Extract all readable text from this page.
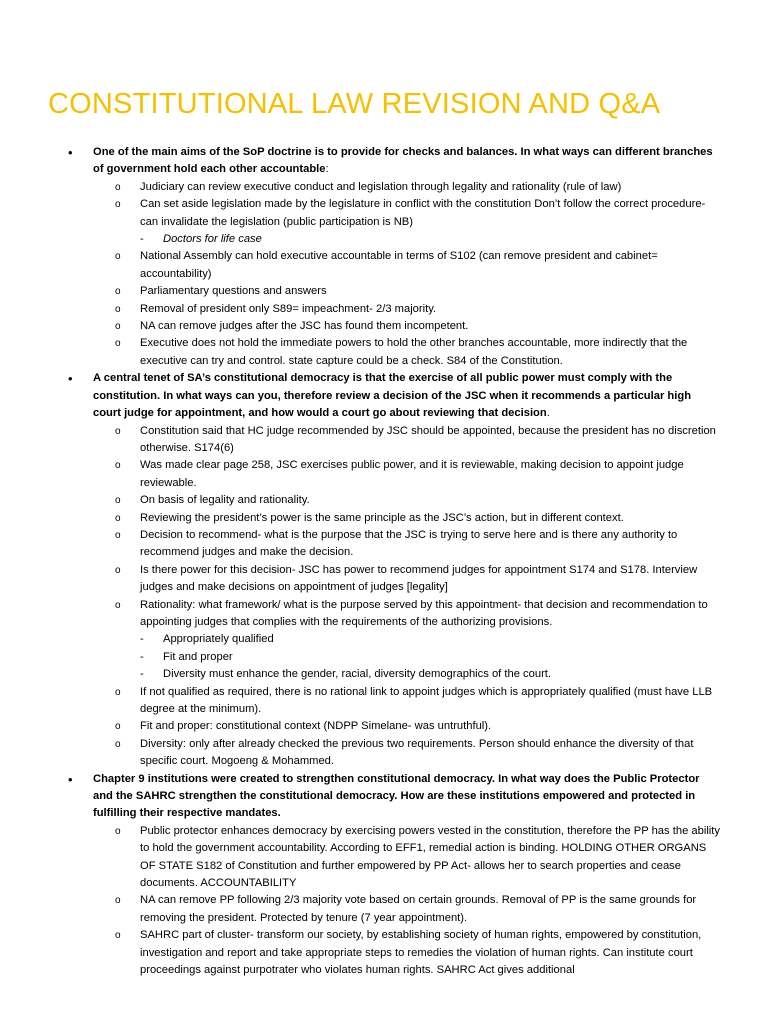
CONSTITUTIONAL LAW REVISION AND Q&A
• One of the main aims of the SoP doctrine is to provide for checks and balances. In what ways can different branches of government hold each other accountable:
o Judiciary can review executive conduct and legislation through legality and rationality (rule of law)
o Can set aside legislation made by the legislature in conflict with the constitution Don’t follow the correct procedure- can invalidate the legislation (public participation is NB)
- Doctors for life case
o National Assembly can hold executive accountable in terms of S102 (can remove president and cabinet= accountability)
o Parliamentary questions and answers
o Removal of president only S89= impeachment- 2/3 majority.
o NA can remove judges after the JSC has found them incompetent.
o Executive does not hold the immediate powers to hold the other branches accountable, more indirectly that the executive can try and control. state capture could be a check. S84 of the Constitution.
• A central tenet of SA’s constitutional democracy is that the exercise of all public power must comply with the constitution. In what ways can you, therefore review a decision of the JSC when it recommends a particular high court judge for appointment, and how would a court go about reviewing that decision.
o Constitution said that HC judge recommended by JSC should be appointed, because the president has no discretion otherwise. S174(6)
o Was made clear page 258, JSC exercises public power, and it is reviewable, making decision to appoint judge reviewable.
o On basis of legality and rationality.
o Reviewing the president’s power is the same principle as the JSC’s action, but in different context.
o Decision to recommend- what is the purpose that the JSC is trying to serve here and is there any authority to recommend judges and make the decision.
o Is there power for this decision- JSC has power to recommend judges for appointment S174 and S178. Interview judges and make decisions on appointment of judges [legality]
o Rationality: what framework/ what is the purpose served by this appointment- that decision and recommendation to appointing judges that complies with the requirements of the authorizing provisions.
- Appropriately qualified
- Fit and proper
- Diversity must enhance the gender, racial, diversity demographics of the court.
o If not qualified as required, there is no rational link to appoint judges which is appropriately qualified (must have LLB degree at the minimum).
o Fit and proper: constitutional context (NDPP Simelane- was untruthful).
o Diversity: only after already checked the previous two requirements. Person should enhance the diversity of that specific court. Mogoeng & Mohammed.
• Chapter 9 institutions were created to strengthen constitutional democracy. In what way does the Public Protector and the SAHRC strengthen the constitutional democracy. How are these institutions empowered and protected in fulfilling their respective mandates.
o Public protector enhances democracy by exercising powers vested in the constitution, therefore the PP has the ability to hold the government accountability. According to EFF1, remedial action is binding. HOLDING OTHER ORGANS OF STATE S182 of Constitution and further empowered by PP Act- allows her to search properties and cease documents. ACCOUNTABILITY
o NA can remove PP following 2/3 majority vote based on certain grounds. Removal of PP is the same grounds for removing the president. Protected by tenure (7 year appointment).
o SAHRC part of cluster- transform our society, by establishing society of human rights, empowered by constitution, investigation and report and take appropriate steps to remedies the violation of human rights. Can institute court proceedings against purpotrater who violates human rights. SAHRC Act gives additional
